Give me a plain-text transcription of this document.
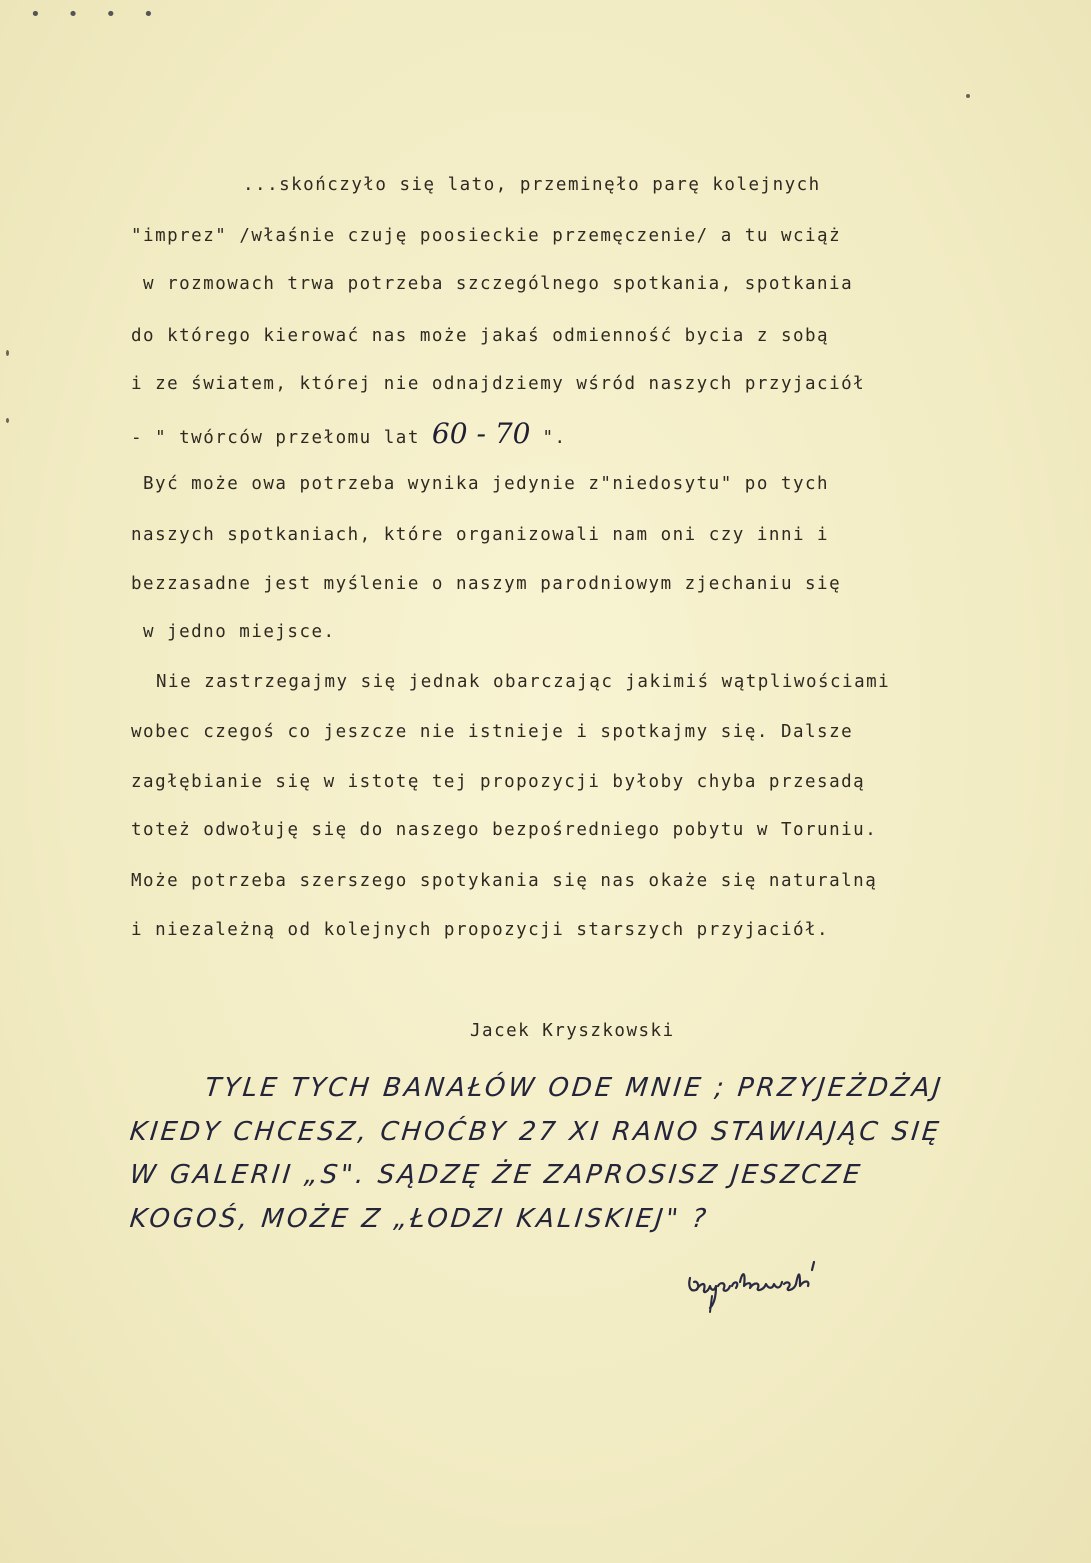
• • • •
...skończyło się lato, przeminęło parę kolejnych
"imprez" /właśnie czuję poosieckie przemęczenie/ a tu wciąż
w rozmowach trwa potrzeba szczególnego spotkania, spotkania
do którego kierować nas może jakaś odmienność bycia z sobą
i ze światem, której nie odnajdziemy wśród naszych przyjaciół
- " twórców przełomu lat 60 - 70 ".
Być może owa potrzeba wynika jedynie z"niedosytu" po tych
naszych spotkaniach, które organizowali nam oni czy inni i
bezzasadne jest myślenie o naszym parodniowym zjechaniu się
w jedno miejsce.
Nie zastrzegajmy się jednak obarczając jakimiś wątpliwościami
wobec czegoś co jeszcze nie istnieje i spotkajmy się. Dalsze
zagłębianie się w istotę tej propozycji byłoby chyba przesadą
toteż odwołuję się do naszego bezpośredniego pobytu w Toruniu.
Może potrzeba szerszego spotykania się nas okaże się naturalną
i niezależną od kolejnych propozycji starszych przyjaciół.
Jacek Kryszkowski
TYLE TYCH BANAŁÓW ODE MNIE ; PRZYJEŻDŻAJ
KIEDY CHCESZ, CHOĆBY 27 XI RANO STAWIAJĄC SIĘ
W GALERII „S". SĄDZĘ ŻE ZAPROSISZ JESZCZE
KOGOŚ, MOŻE Z „ŁODZI KALISKIEJ" ?
